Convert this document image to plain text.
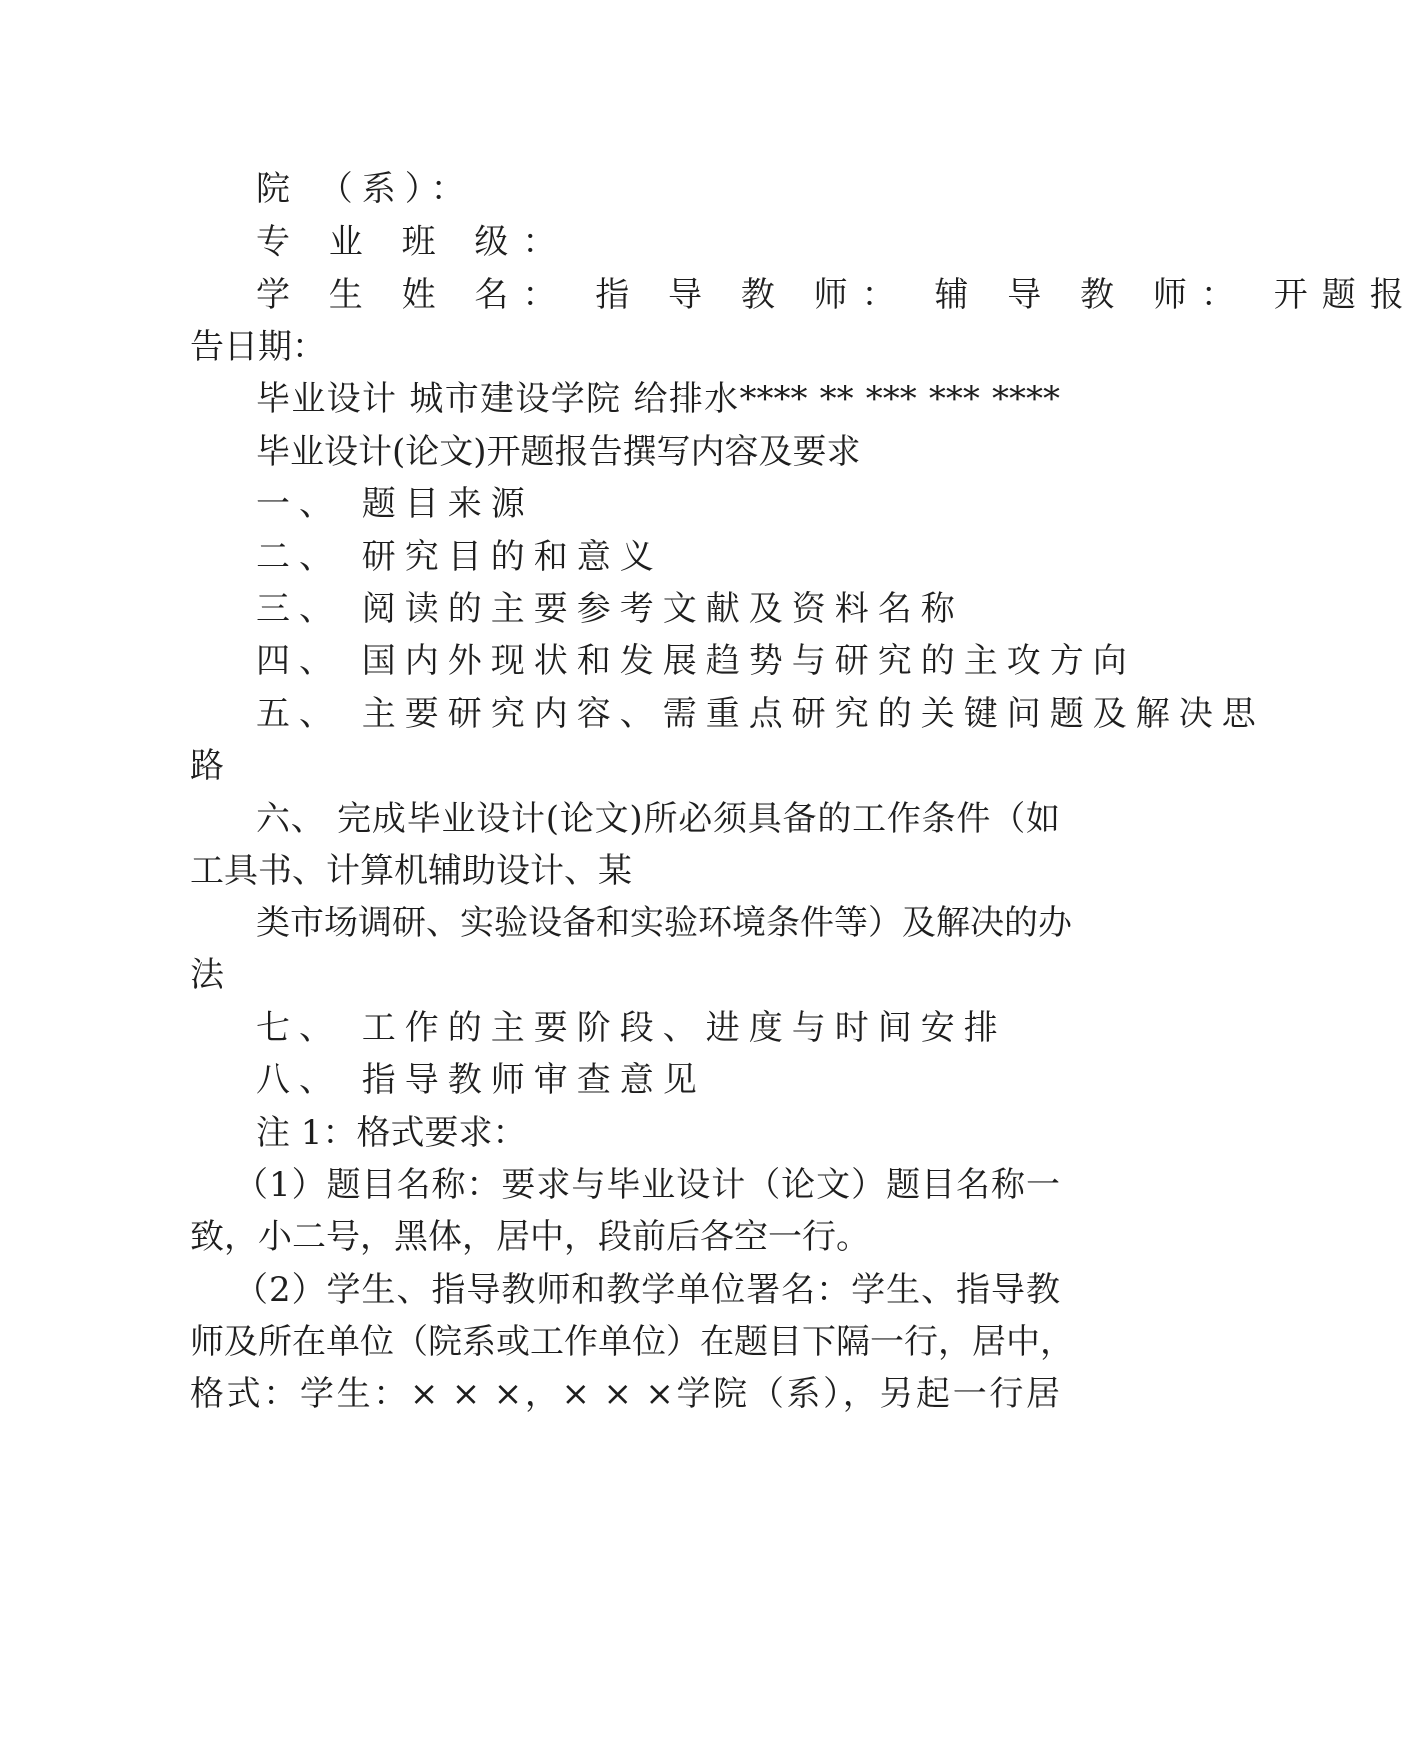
院 （系）：
专 业 班 级：
学 生 姓 名： 指 导 教 师： 辅 导 教 师： 开题报
告日期：
毕业设计 城市建设学院 给排水**** ** *** *** ****
毕业设计(论文)开题报告撰写内容及要求
一、 题目来源
二、 研究目的和意义
三、 阅读的主要参考文献及资料名称
四、 国内外现状和发展趋势与研究的主攻方向
五、 主要研究内容、需重点研究的关键问题及解决思
路
六、 完成毕业设计(论文)所必须具备的工作条件（如
工具书、计算机辅助设计、某
类市场调研、实验设备和实验环境条件等）及解决的办
法
七、 工作的主要阶段、进度与时间安排
八、 指导教师审查意见
注 1：格式要求：
（1）题目名称：要求与毕业设计（论文）题目名称一
致，小二号，黑体，居中，段前后各空一行。
（2）学生、指导教师和教学单位署名：学生、指导教
师及所在单位（院系或工作单位）在题目下隔一行，居中，
格式：学生：× × ×，× × ×学院（系），另起一行居
